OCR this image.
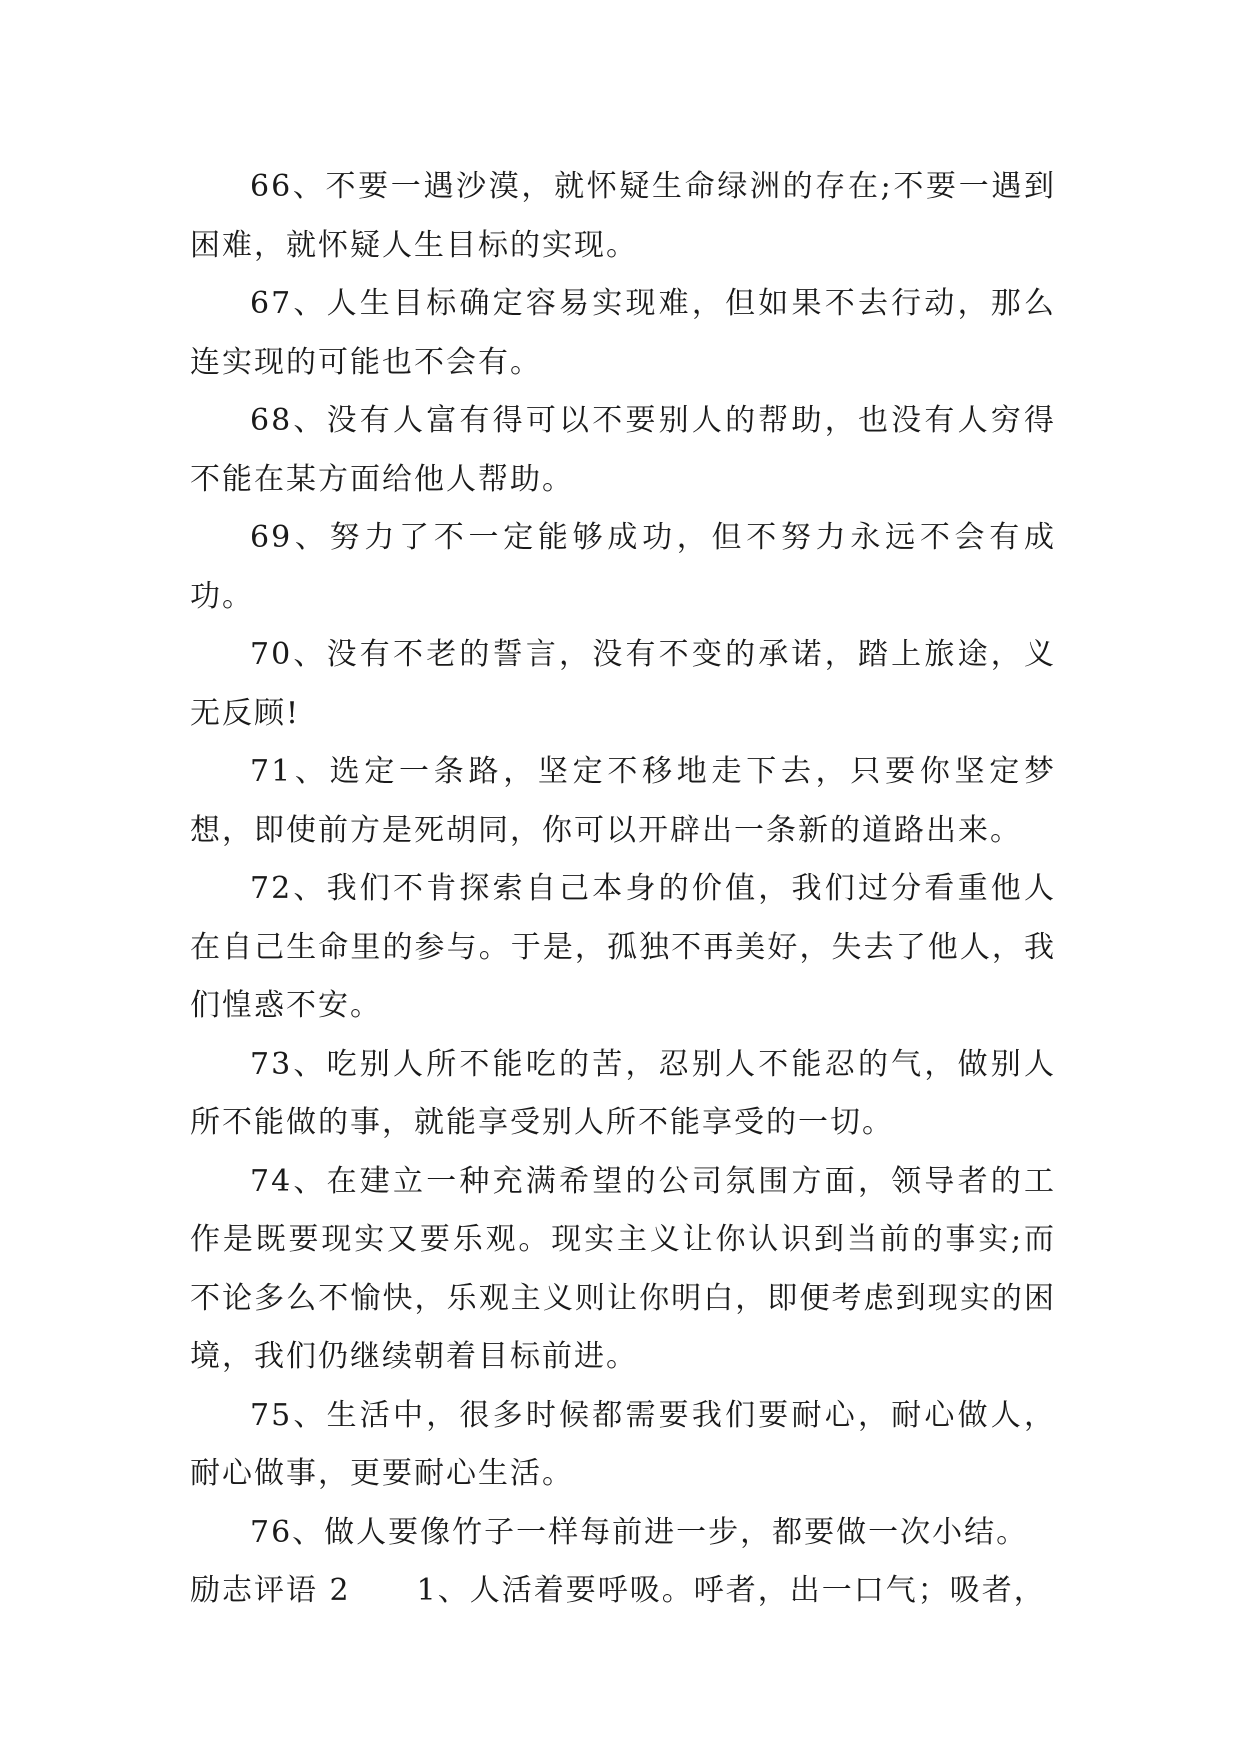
66、不要一遇沙漠，就怀疑生命绿洲的存在;不要一遇到困难，就怀疑人生目标的实现。

67、人生目标确定容易实现难，但如果不去行动，那么连实现的可能也不会有。

68、没有人富有得可以不要别人的帮助，也没有人穷得不能在某方面给他人帮助。

69、努力了不一定能够成功，但不努力永远不会有成功。

70、没有不老的誓言，没有不变的承诺，踏上旅途，义无反顾!

71、选定一条路，坚定不移地走下去，只要你坚定梦想，即使前方是死胡同，你可以开辟出一条新的道路出来。

72、我们不肯探索自己本身的价值，我们过分看重他人在自己生命里的参与。于是，孤独不再美好，失去了他人，我们惶惑不安。

73、吃别人所不能吃的苦，忍别人不能忍的气，做别人所不能做的事，就能享受别人所不能享受的一切。

74、在建立一种充满希望的公司氛围方面，领导者的工作是既要现实又要乐观。现实主义让你认识到当前的事实;而不论多么不愉快，乐观主义则让你明白，即便考虑到现实的困境，我们仍继续朝着目标前进。

75、生活中，很多时候都需要我们要耐心，耐心做人，耐心做事，更要耐心生活。

76、做人要像竹子一样每前进一步，都要做一次小结。

励志评语 2 1、人活着要呼吸。呼者，出一口气；吸者，
